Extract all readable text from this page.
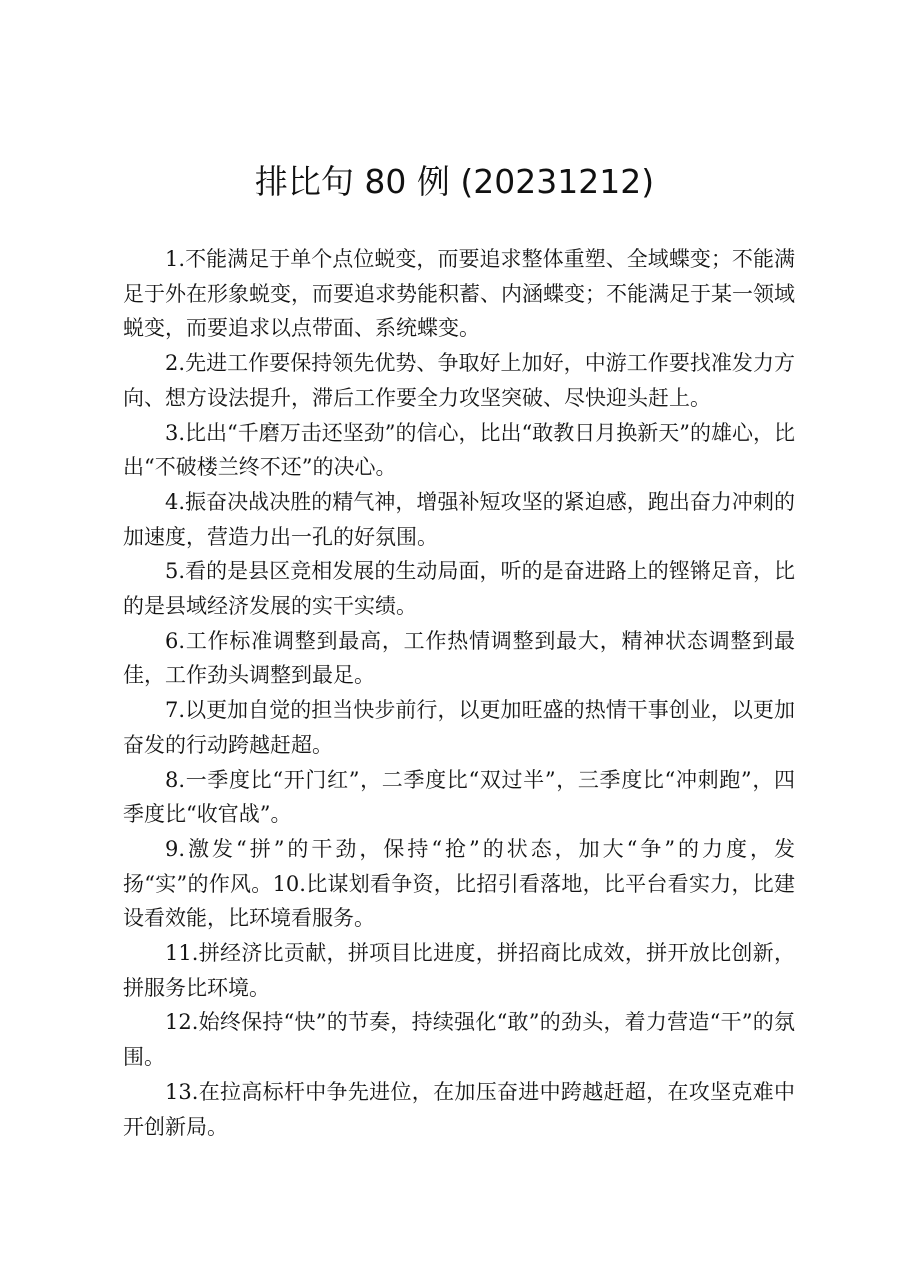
排比句 80 例 (20231212)

1.不能满足于单个点位蜕变，而要追求整体重塑、全域蝶变；不能满足于外在形象蜕变，而要追求势能积蓄、内涵蝶变；不能满足于某一领域蜕变，而要追求以点带面、系统蝶变。

2.先进工作要保持领先优势、争取好上加好，中游工作要找准发力方向、想方设法提升，滞后工作要全力攻坚突破、尽快迎头赶上。

3.比出“千磨万击还坚劲”的信心，比出“敢教日月换新天”的雄心，比出“不破楼兰终不还”的决心。

4.振奋决战决胜的精气神，增强补短攻坚的紧迫感，跑出奋力冲刺的加速度，营造力出一孔的好氛围。

5.看的是县区竞相发展的生动局面，听的是奋进路上的铿锵足音，比的是县域经济发展的实干实绩。

6.工作标准调整到最高，工作热情调整到最大，精神状态调整到最佳，工作劲头调整到最足。

7.以更加自觉的担当快步前行，以更加旺盛的热情干事创业，以更加奋发的行动跨越赶超。

8.一季度比“开门红”，二季度比“双过半”，三季度比“冲刺跑”，四季度比“收官战”。

9.激发“拼”的干劲，保持“抢”的状态，加大“争”的力度，发扬“实”的作风。10.比谋划看争资，比招引看落地，比平台看实力，比建设看效能，比环境看服务。

11.拼经济比贡献，拼项目比进度，拼招商比成效，拼开放比创新，拼服务比环境。

12.始终保持“快”的节奏，持续强化“敢”的劲头，着力营造“干”的氛围。

13.在拉高标杆中争先进位，在加压奋进中跨越赶超，在攻坚克难中开创新局。
